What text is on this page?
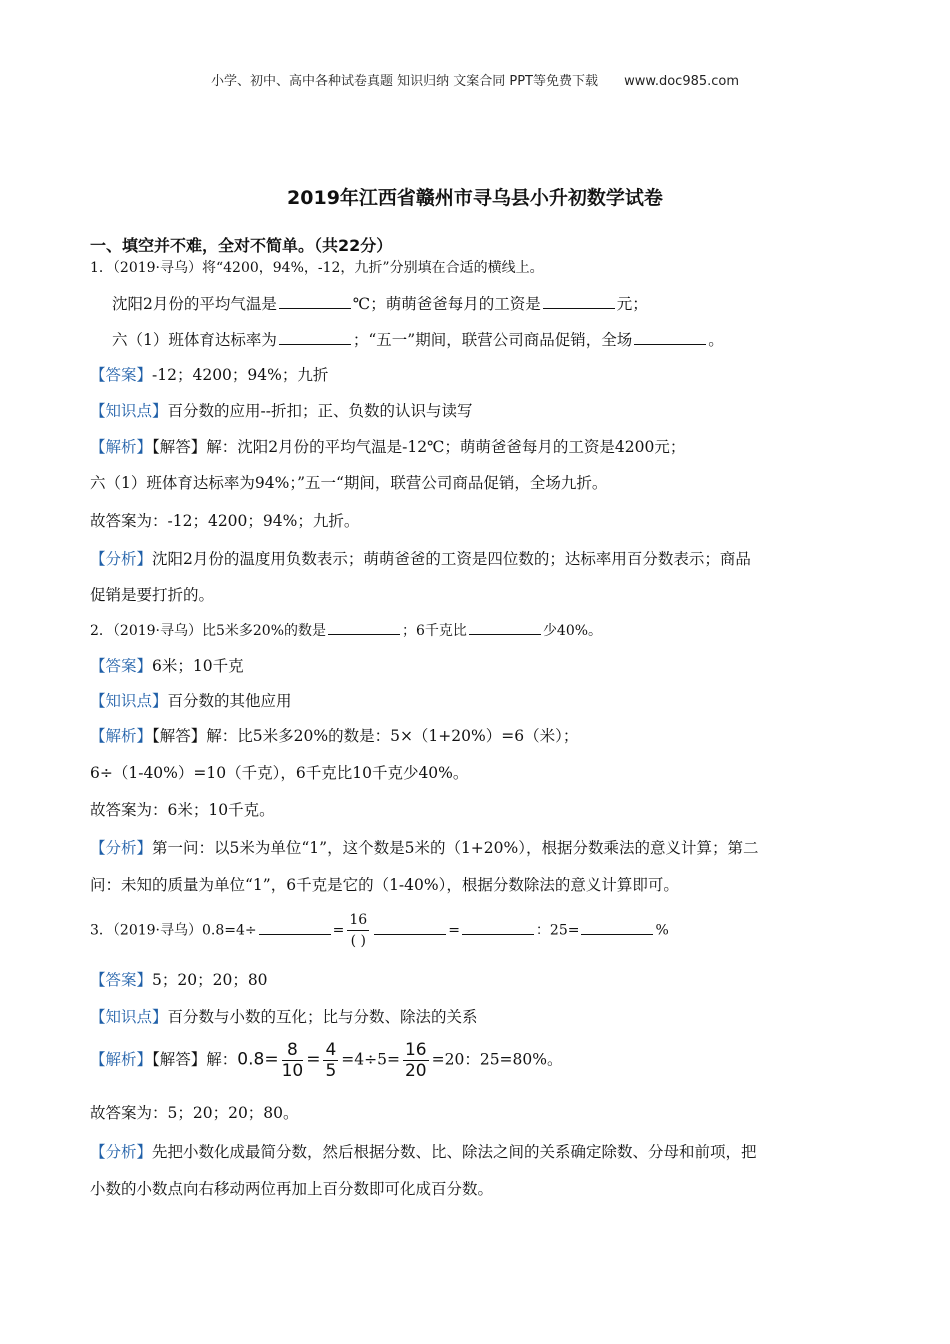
小学、初中、高中各种试卷真题 知识归纳 文案合同 PPT等免费下载 www.doc985.com
2019年江西省赣州市寻乌县小升初数学试卷
一、填空并不难，全对不简单。（共22分）
1．（2019·寻乌）将“4200，94%，-12，九折”分别填在合适的横线上。
沈阳2月份的平均气温是	℃；萌萌爸爸每月的工资是	元；
六（1）班体育达标率为	；“五一”期间，联营公司商品促销，全场	。
【答案】-12；4200；94%；九折
【知识点】百分数的应用--折扣；正、负数的认识与读写
【解析】【解答】解：沈阳2月份的平均气温是-12℃；萌萌爸爸每月的工资是4200元；
六（1）班体育达标率为94%；”五一“期间，联营公司商品促销，全场九折。
故答案为：-12；4200；94%；九折。
【分析】沈阳2月份的温度用负数表示；萌萌爸爸的工资是四位数的；达标率用百分数表示；商品
促销是要打折的。
2．（2019·寻乌）比5米多20%的数是	；6千克比	少40%。
【答案】6米；10千克
【知识点】百分数的其他应用
【解析】【解答】解：比5米多20%的数是：5×（1+20%）=6（米）；
6÷（1-40%）=10（千克），6千克比10千克少40%。
故答案为：6米；10千克。
【分析】第一问：以5米为单位“1”，这个数是5米的（1+20%），根据分数乘法的意义计算；第二
问：未知的质量为单位“1”，6千克是它的（1-40%），根据分数除法的意义计算即可。
3．（2019·寻乌）0.8=4÷	= $\frac{16}{( )}$	=	：25=	%
【答案】5；20；20；80
【知识点】百分数与小数的互化；比与分数、除法的关系
【解析】【解答】解：$0.8= \frac{8}{10} = \frac{4}{5} =4\div 5= \frac{16}{20} =20$：25=80%。
故答案为：5；20；20；80。
【分析】先把小数化成最简分数，然后根据分数、比、除法之间的关系确定除数、分母和前项，把
小数的小数点向右移动两位再加上百分数即可化成百分数。
